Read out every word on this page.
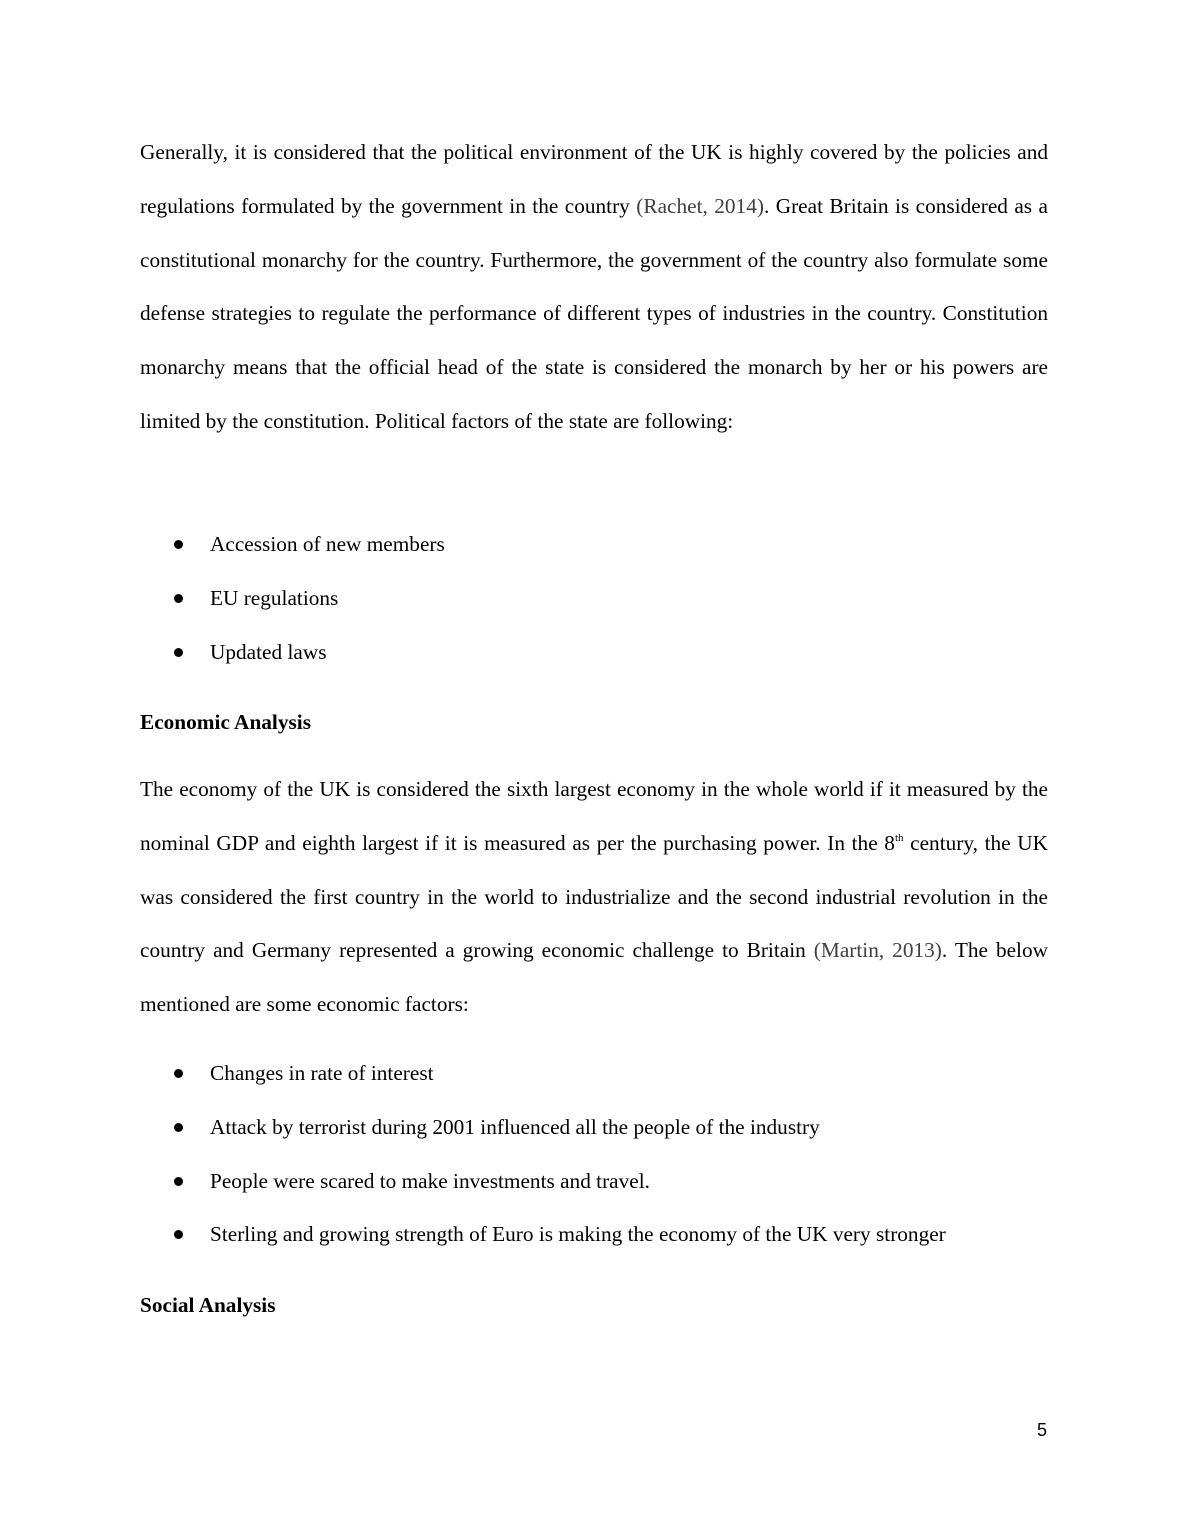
Generally, it is considered that the political environment of the UK is highly covered by the policies and regulations formulated by the government in the country (Rachet, 2014). Great Britain is considered as a constitutional monarchy for the country. Furthermore, the government of the country also formulate some defense strategies to regulate the performance of different types of industries in the country. Constitution monarchy means that the official head of the state is considered the monarch by her or his powers are limited by the constitution. Political factors of the state are following:

Accession of new members
EU regulations
Updated laws
Economic Analysis

The economy of the UK is considered the sixth largest economy in the whole world if it measured by the nominal GDP and eighth largest if it is measured as per the purchasing power. In the 8th century, the UK was considered the first country in the world to industrialize and the second industrial revolution in the country and Germany represented a growing economic challenge to Britain (Martin, 2013). The below mentioned are some economic factors:

Changes in rate of interest
Attack by terrorist during 2001 influenced all the people of the industry
People were scared to make investments and travel.
Sterling and growing strength of Euro is making the economy of the UK very stronger
Social Analysis
5
